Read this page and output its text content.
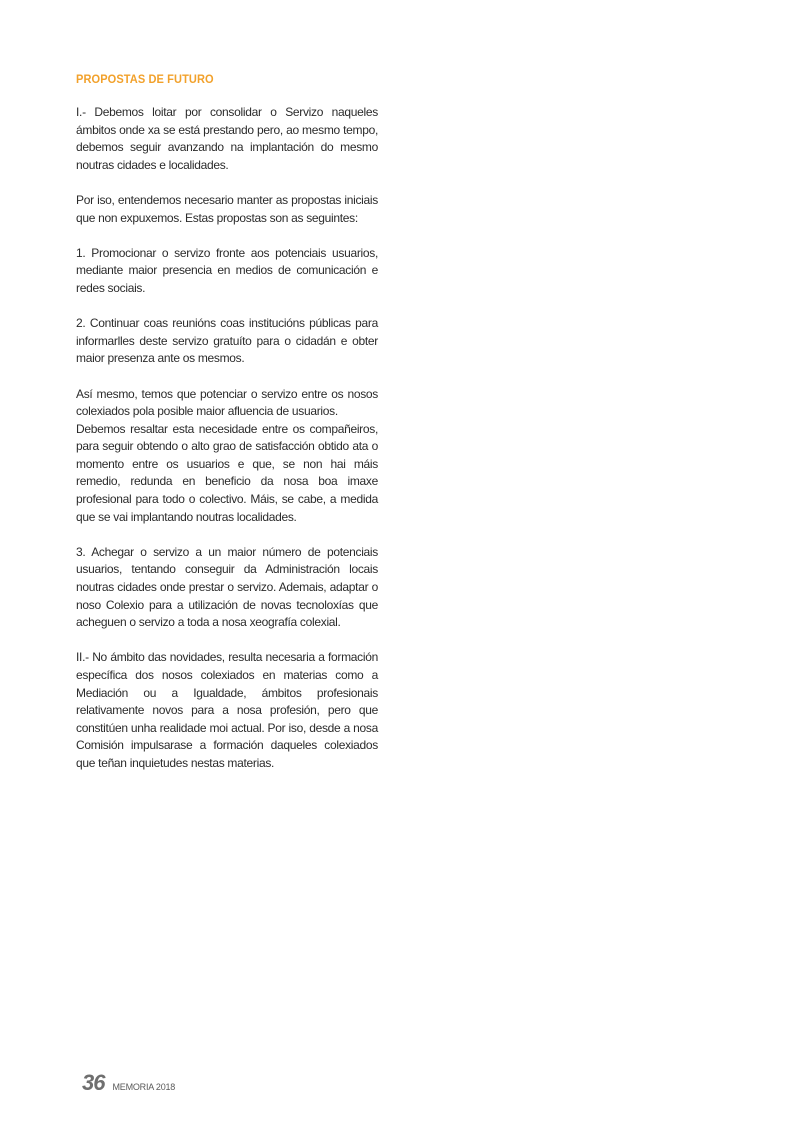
PROPOSTAS DE FUTURO

I.- Debemos loitar por consolidar o Servizo naqueles ámbitos onde xa se está prestando pero, ao mesmo tempo, debemos seguir avanzando na implantación do mesmo noutras cidades e localidades.

Por iso, entendemos necesario manter as propostas iniciais que non expuxemos. Estas propostas son as seguintes:

1. Promocionar o servizo fronte aos potenciais usuarios, mediante maior presencia en medios de comunicación e redes sociais.

2. Continuar coas reunións coas institucións públicas para informarlles deste servizo gratuíto para o cidadán e obter maior presenza ante os mesmos.

Así mesmo, temos que potenciar o servizo entre os nosos colexiados pola posible maior afluencia de usuarios.

Debemos resaltar esta necesidade entre os compañeiros, para seguir obtendo o alto grao de satisfacción obtido ata o momento entre os usuarios e que, se non hai máis remedio, redunda en beneficio da nosa boa imaxe profesional para todo o colectivo. Máis, se cabe, a medida que se vai implantando noutras localidades.

3. Achegar o servizo a un maior número de potenciais usuarios, tentando conseguir da Administración locais noutras cidades onde prestar o servizo. Ademais, adaptar o noso Colexio para a utilización de novas tecnoloxías que acheguen o servizo a toda a nosa xeografía colexial.

II.- No ámbito das novidades, resulta necesaria a formación específica dos nosos colexiados en materias como a Mediación ou a Igualdade, ámbitos profesionais relativamente novos para a nosa profesión, pero que constitúen unha realidade moi actual. Por iso, desde a nosa Comisión impulsarase a formación daqueles colexiados que teñan inquietudes nestas materias.

36 MEMORIA 2018
